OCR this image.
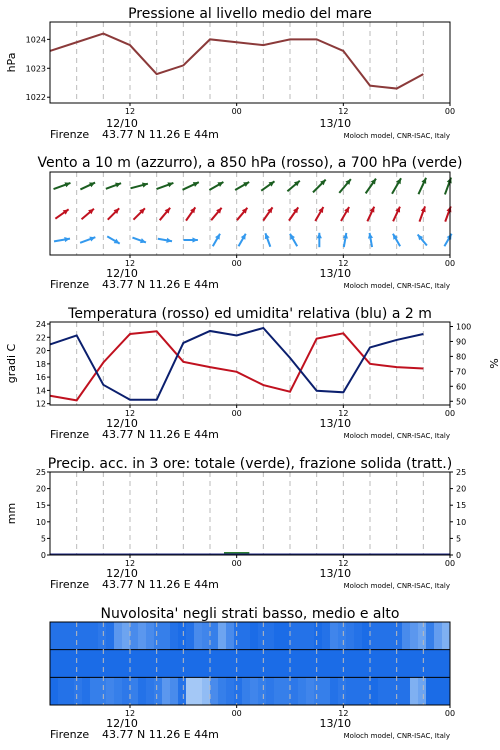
Pressione al livello medio del mare
1022
1023
1024
hPa
12	00	12	00
12/10	13/10
Firenze 43.77 N 11.26 E 44m	Moloch model, CNR-ISAC, Italy
Vento a 10 m (azzurro), a 850 hPa (rosso), a 700 hPa (verde)
12	00	12	00
12/10	13/10
Firenze 43.77 N 11.26 E 44m	Moloch model, CNR-ISAC, Italy
Temperatura (rosso) ed umidita' relativa (blu) a 2 m
12
14
16
18
20
22
24
50
60
70
80
90
100
gradi C	%
12	00	12	00
12/10	13/10
Firenze 43.77 N 11.26 E 44m	Moloch model, CNR-ISAC, Italy
Precip. acc. in 3 ore: totale (verde), frazione solida (tratt.)
0
5
10
15
20
25
0
5
10
15
20
25
mm
12	00	12	00
12/10	13/10
Firenze 43.77 N 11.26 E 44m	Moloch model, CNR-ISAC, Italy
Nuvolosita' negli strati basso, medio e alto
12	00	12	00
12/10	13/10
Firenze 43.77 N 11.26 E 44m	Moloch model, CNR-ISAC, Italy
